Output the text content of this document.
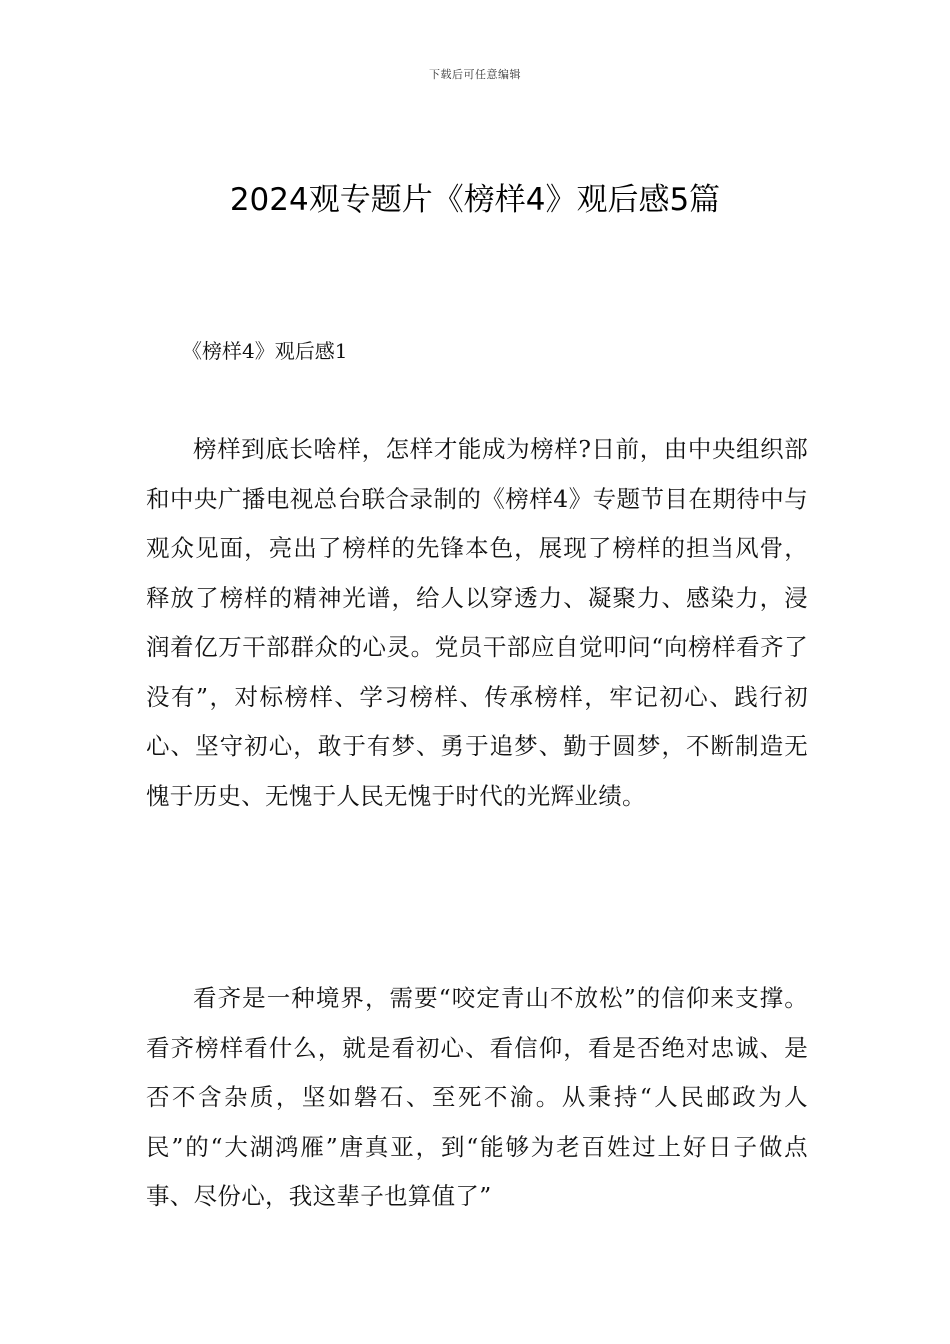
下载后可任意编辑
2024观专题片《榜样4》观后感5篇
《榜样4》观后感1

榜样到底长啥样，怎样才能成为榜样?日前，由中央组织部和中央广播电视总台联合录制的《榜样4》专题节目在期待中与观众见面，亮出了榜样的先锋本色，展现了榜样的担当风骨，释放了榜样的精神光谱，给人以穿透力、凝聚力、感染力，浸润着亿万干部群众的心灵。党员干部应自觉叩问“向榜样看齐了没有”，对标榜样、学习榜样、传承榜样，牢记初心、践行初心、坚守初心，敢于有梦、勇于追梦、勤于圆梦，不断制造无愧于历史、无愧于人民无愧于时代的光辉业绩。

看齐是一种境界，需要“咬定青山不放松”的信仰来支撑。看齐榜样看什么，就是看初心、看信仰，看是否绝对忠诚、是否不含杂质，坚如磐石、至死不渝。从秉持“人民邮政为人民”的“大湖鸿雁”唐真亚，到“能够为老百姓过上好日子做点事、尽份心，我这辈子也算值了”
